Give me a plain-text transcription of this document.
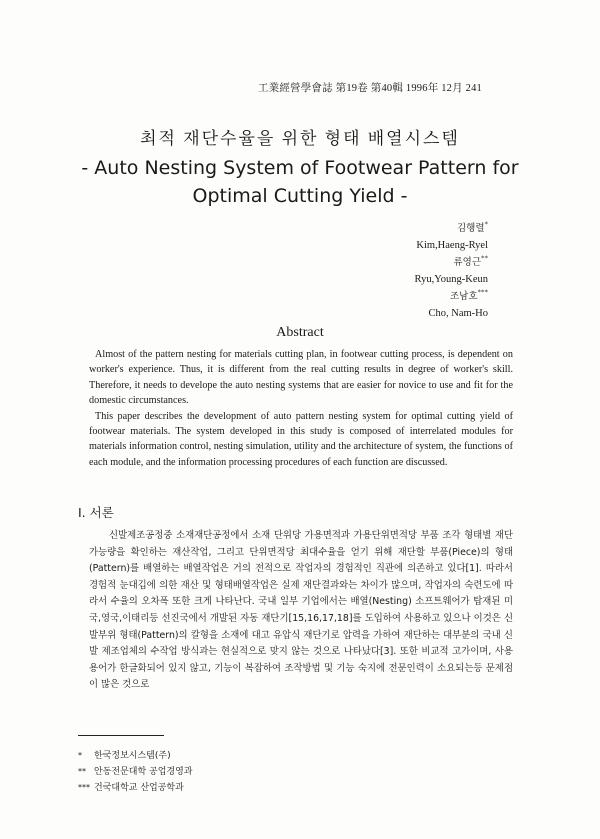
工業經營學會誌 第19卷 第40輯 1996年 12月 241
최적 재단수율을 위한 형태 배열시스템
- Auto Nesting System of Footwear Pattern for
Optimal Cutting Yield -
김행렬*
Kim,Haeng-Ryel
류영근**
Ryu,Young-Keun
조남호***
Cho, Nam-Ho
Abstract

Almost of the pattern nesting for materials cutting plan, in footwear cutting process, is dependent on worker's experience. Thus, it is different from the real cutting results in degree of worker's skill. Therefore, it needs to develope the auto nesting systems that are easier for novice to use and fit for the domestic circumstances.

This paper describes the development of auto pattern nesting system for optimal cutting yield of footwear materials. The system developed in this study is composed of interrelated modules for materials information control, nesting simulation, utility and the architecture of system, the functions of each module, and the information processing procedures of each function are discussed.

Ⅰ. 서론

신발제조공정중 소재재단공정에서 소재 단위당 가용면적과 가용단위면적당 부품 조각 형태별 재단가능량을 확인하는 재산작업, 그리고 단위면적당 최대수율을 얻기 위해 재단할 부품(Piece)의 형태(Pattern)를 배열하는 배열작업은 거의 전적으로 작업자의 경험적인 직관에 의존하고 있다[1]. 따라서 경험적 눈대깁에 의한 재산 및 형태배열작업은 실제 재단결과와는 차이가 많으며, 작업자의 숙련도에 따라서 수율의 오차폭 또한 크게 나타난다. 국내 일부 기업에서는 배열(Nesting) 소프트웨어가 탑재된 미국,영국,이태리등 선진국에서 개발된 자동 재단기[15,16,17,18]를 도입하여 사용하고 있으나 이것은 신발부위 형태(Pattern)의 칼형을 소재에 대고 유압식 재단기로 압력을 가하여 재단하는 대부분의 국내 신발 제조업체의 수작업 방식과는 현실적으로 맞지 않는 것으로 나타났다[3]. 또한 비교적 고가이며, 사용용어가 한글화되어 있지 않고, 기능이 복잡하여 조작방법 및 기능 숙지에 전문인력이 소요되는등 문제점이 많은 것으로

*	한국정보시스템(주)
** 안동전문대학 공업경영과
*** 건국대학교 산업공학과
